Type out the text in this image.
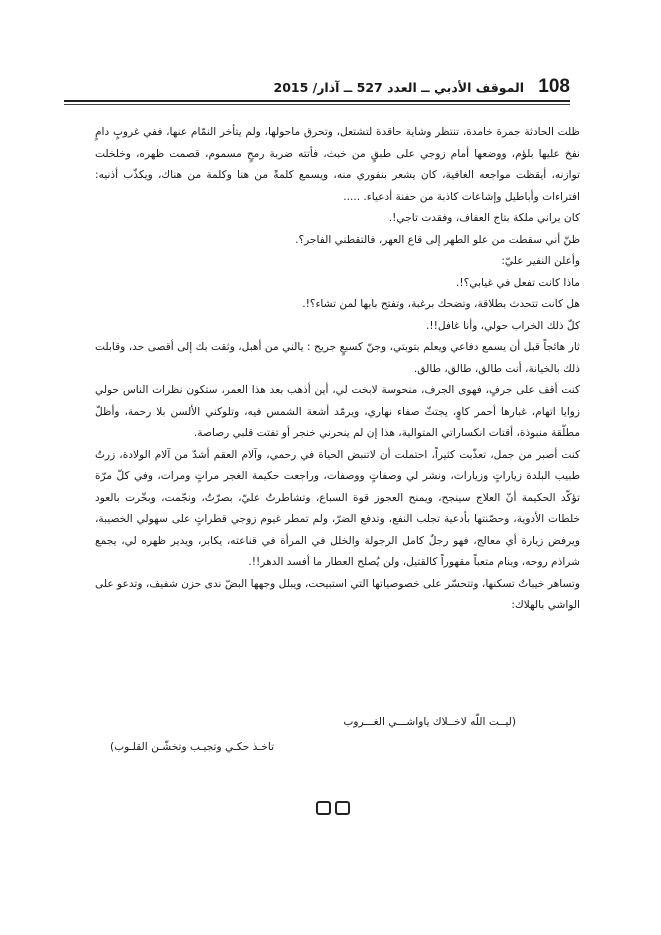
108
الموقف الأدبي ــ العدد 527 ــ آذار/ 2015

ظلت الحادثة جمرة خامدة، تنتظر وشاية حاقدة لتشتعل، وتحرق ماحولها، ولم يتأخر النمّام عنها، ففي غروبٍ دامٍ نفخ عليها بلؤم، ووضعها أمام زوجي على طبقٍ من خبث، فأتته ضربة رمحٍ مسموم، قصمت ظهره، وخلخلت توازنه، أيقظت مواجعه الغافية، كان يشعر بنفوري منه، ويسمع كلمةً من هنا وكلمة من هناك، ويكذّب أذنيه: افتراءات وأباطيل وإشاعات كاذبة من حفنة أدعياء. .....

كان يراني ملكة بتاج العفاف، وفقدت تاجي!.

ظنّ أني سقطت من علو الطهر إلى قاع العهر، فالتقطني الفاجر؟.

وأعلن النفير عليّ:

ماذا كانت تفعل في غيابي؟!.

هل كانت تتحدث بطلاقة، وتضحك برغبة، وتفتح بابها لمن تشاء؟!.

كلّ ذلك الخراب حولي، وأنا غافل!!.

ثار هائجاً قبل أن يسمع دفاعي ويعلم بتوبتي، وجنّ كسبعٍ جريح : يالني من أهبل، وثقت بك إلى أقصى حد، وقابلت ذلك بالخيانة، أنت طالق، طالق، طالق.

كنت أقف على جرفٍ، فهوى الجرف، منحوسة لابخت لي، أين أذهب بعد هذا العمر، ستكون نظرات الناس حولي زوايا اتهام، غبارها أحمر كاوٍ، يجتثّ صفاء نهاري، ويرمّد أشعة الشمس فيه، وتلوكني الألسن بلا رحمة، وأظلّ مطلّقة منبوذة، أقتات انكساراتي المتوالية، هذا إن لم ينحرني خنجر أو تفتت قلبي رصاصة.

كنت أصبر من جمل، تعذّبت كثيراً، احتملت أن لاتنبض الحياة في رحمي، وآلام العقم أشدّ من آلام الولادة، زرتُ طبيب البلدة زياراتٍ وزيارات، ونشر لي وصفاتٍ ووصفات، وراجعت حكيمة الغجر مراتٍ ومرات، وفي كلّ مرّة تؤكّد الحكيمة أنّ العلاج سينجح، ويمنح العجوز قوة السباع، وتشاطرتُ عليّ، بصرّتُ، ونجّمت، وبخّرت بالعود خلطات الأدوية، وحصّنتها بأدعية تجلب النفع، وتدفع الضرّ، ولم تمطر غيوم زوجي قطراتٍ على سهولي الخصيبة، ويرفض زيارة أي معالج، فهو رجلٌ كامل الرجولة والخلل في المرأة في قناعته، يكابر، ويدير ظهره لي، يجمع شراذم روحه، وينام متعباً مقهوراً كالقتيل، ولن يُصلح العطار ما أفسد الدهر!!.

وتساهر خيباتٌ تسكنها، وتتحسّر على خصوصياتها التي استبيحت، ويبلل وجهها البضّ ندى حزن شفيف، وتدعو على الواشي بالهلاك:

(ليــت اللّه لاخــلاك ياواشـــي الغـــروب
تاخـذ حكـي وتجيـب وتخشّـن القلـوب)
